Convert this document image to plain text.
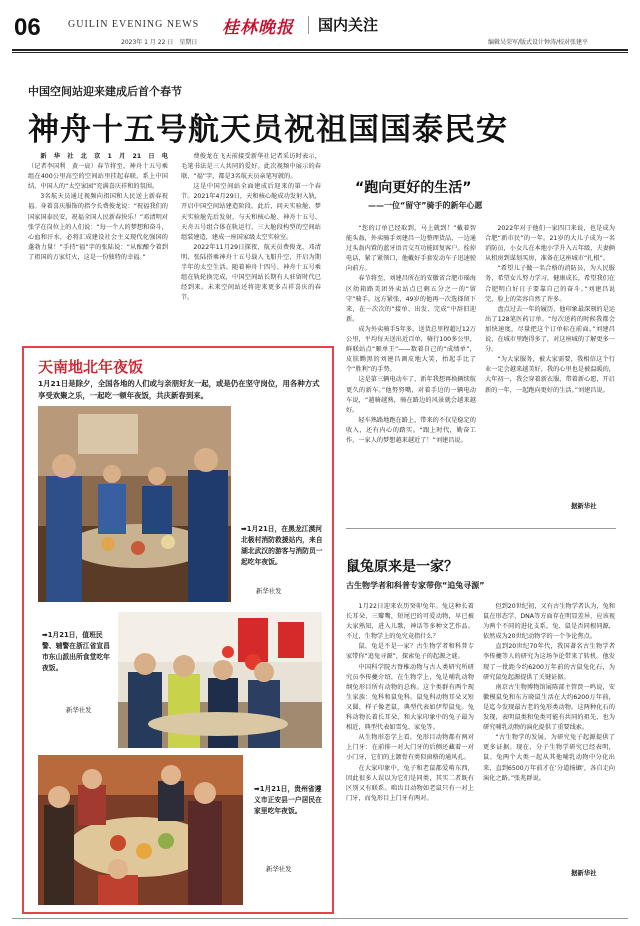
06	GUILIN EVENING NEWS 桂林晚报 国内关注
2023年 1 月 22 日　星期日	编辑吴荣军/版式设计钟涛/校对张建平
中国空间站迎来建成后首个春节
神舟十五号航天员祝祖国国泰民安

新华社北京1月21日电（记者李国利　黄一宸）春节将至，神舟十五号乘组在400公里高空的空间站里挂起春联、系上中国结，中国人的“太空家园”充满喜庆祥和的氛围。

3名航天员通过视频向祖国和人民送上新春祝福。身着喜庆服饰的指令长费俊龙说：“祝福我们的国家国泰民安，祝福全国人民新春快乐！”邓清明对张学在岗位上的人们说：“每一个人的梦想和奋斗，心血和汗水，必将汇成建设社会主义现代化强国的蓬勃力量！”手持“福”字的张陆说：“从酝酿令着到了祖国的万家灯火，这是一份独特的幸福。”

费俊龙在飞天前接受新华社记者采访时表示，毛笔书法是三人共同的爱好。此次视频中展示的春联、“福”字，都是3名航天员亲笔写就的。

这是中国空间站全面建成后迎来的第一个春节。2021年4月29日，天和核心舱成功发射入轨，开启中国空间站建造阶段。此后，问天实验舱、梦天实验舱先后发射，与天和核心舱、神舟十五号、天舟五号组合体在轨运行，三大舱段构型的空间站组装建造，建成一座国家级太空实验室。

2022年11月29日探夜，航天员费俊龙、邓清明、张陆搭乘神舟十五号载人飞船升空，开启为期半年的太空生活。随着神舟十四号、神舟十五号乘组在轨轮换完成，中国空间站长期有人驻留时代已经到来。未来空间站还将迎来更多吉祥喜庆的春节。

天南地北年夜饭
1月21日是除夕，全国各地的人们或与亲朋好友一起，或是仍在坚守岗位，用各种方式享受欢聚之乐，一起吃一顿年夜饭，共庆新春到来。
➡1月21日，在黑龙江漠河北极村消防救援站内，来自湖北武汉的游客与消防员一起吃年夜饭。
新华社发
➡1月21日，值班民警、辅警在浙江省宣昌市东山派出所食堂吃年夜饭。
新华社发
➡1月21日，贵州省遵义市正安县一户居民在家里吃年夜饭。
新华社发
“跑向更好的生活”
——一位“留守”骑手的新年心愿

“您的订单已经取到，马上就到！”戴着智能头盔，外卖骑手刘建昌一边整理货品，一边通过头盔内置的蓝牙语音交互功能回复客户。拴掉电话，紧了紧领口，他戴好手套发动车子迅速驶向前方。

春节将至，刘建昌所在的安徽省合肥市瑶海区幼箱路美团外卖站点已剩五分之一的“留守”骑手。远方紧张，49岁的他再一次选择留下来，在一次次的“接单、出发、完成”中辞旧迎新。

成为外卖骑手5年多，送货总里程超过12万公里，平均每天送出近百单，骑行100多公里，鲜联站点“顺单王”——数着自己的“成绩单”，皮肤黝黑的刘建昌调皮地大笑，抬起手比了个“胜利”的手势。

这是第三辆电动车了，新年我想再换辆续航更久的新车。”他努努嘴，对着手边的一辆电动车说，“越骑越熟，骑在路边的风景就会越来越好。

轻车熟路地跑在路上，带来的不仅是稳定的收入，还有内心的踏实。“跟上时代，勤奋工作，一家人的梦想越来越近了！”刘建昌说。

2022年对于他们一家四口来说，也是成为合肥“新市民”的一年。21岁的大儿子成为一名消防员，小女儿在本地小学升入五年级，夫妻俩从租房到谋划买房，准备在这座城市“扎根”。

“希望儿子做一名合格的消防员，为人民服务，希望女儿努力学习，健康成长，希望我们在合肥明白好日子要靠自己的奋斗。”刘建昌说完，脸上的笑容自然了许多。

盘点过去一年的履历，他印象最深刻的是运出了128笔医药订单。“每次送药的时候我都会加快速度，尽量把这个订单标在前面。”刘建昌说，在城市里跑得多了，对这座城的了解更多一分。

“为大家服务，被大家需要，我相信这个行业一定会越来越美好，我的心里也是被温暖的，大年初一，我会穿着新衣服，带着新心愿，开启新的一年，一起跑向更好的生活。”刘建昌说。

据新华社
鼠兔原来是一家？
古生物学者和科普专家带你“追兔寻源”

1月22日迎来农历癸卯兔年。兔这种长着长耳朵、三瓣嘴，短尾巴的可爱动物，早已被大家熟知，进入儿歌，神话等多种文艺作品。不过，生物学上的兔究竟指什么？

鼠、兔是不是一家？古生物学者和科普专家带你“追兔寻源”，探索兔子的起源之谜。

中国科学院古脊椎动物与古人类研究所研究员李传夔介绍，在生物学上，兔是哺乳动物纲兔形目所有动物的总称。这个类群有两个现生家族：兔科和鼠兔科。鼠兔科动物耳朵又短又圆，样子像老鼠，典型代表如伊犁鼠兔。兔科动物长着长耳朵，和大家印象中的兔子最为相近，典型代表如雪兔、家兔等。

从生物形态学上看，兔形目动物都有两对上门牙：在前排一对大门牙的后侧还藏着一对小门牙，它们的上颌骨有类似窗格的通风孔。

在大家印象中，兔子和老鼠都爱啃东西，因此很多人误以为它们是同类，其实二者既有区别又有联系。啮齿目动物如老鼠只有一对上门牙，而兔形目上门牙有两对。

但到20世纪初，又有古生物学者认为，兔和鼠在形态学、DNA等方面存在明显差异，应该视为两个不同的进化支系。兔、鼠是否同根同源，依然成为20世纪动物学的一个争论焦点。

直到20世纪70年代，我国著名古生物学者李传夔等人的研究为这场争论带来了转机。他发现了一批距今约6200万年前的古鼠兔化石，为研究鼠兔起源提供了关键证据。

南京古生物博物馆展陈部主管贾一鸣说，安徽模鼠兔和东方晓鼠生活在大约6200万年前，是迄今发现最古老的兔形类动物。这两种化石的发现，表明鼠类和兔类可能有共同的祖先，也为研究哺乳动物的演化提供了重要线索。

“古生物学的发展，为研究兔子起源提供了更多证据。现在，分子生物学研究已经表明，鼠、兔两个大类一起从其他哺乳动物中分化出来，直到6500万年前才在‘分道扬镳’，各自走向演化之路。”张兆群说。

据新华社
